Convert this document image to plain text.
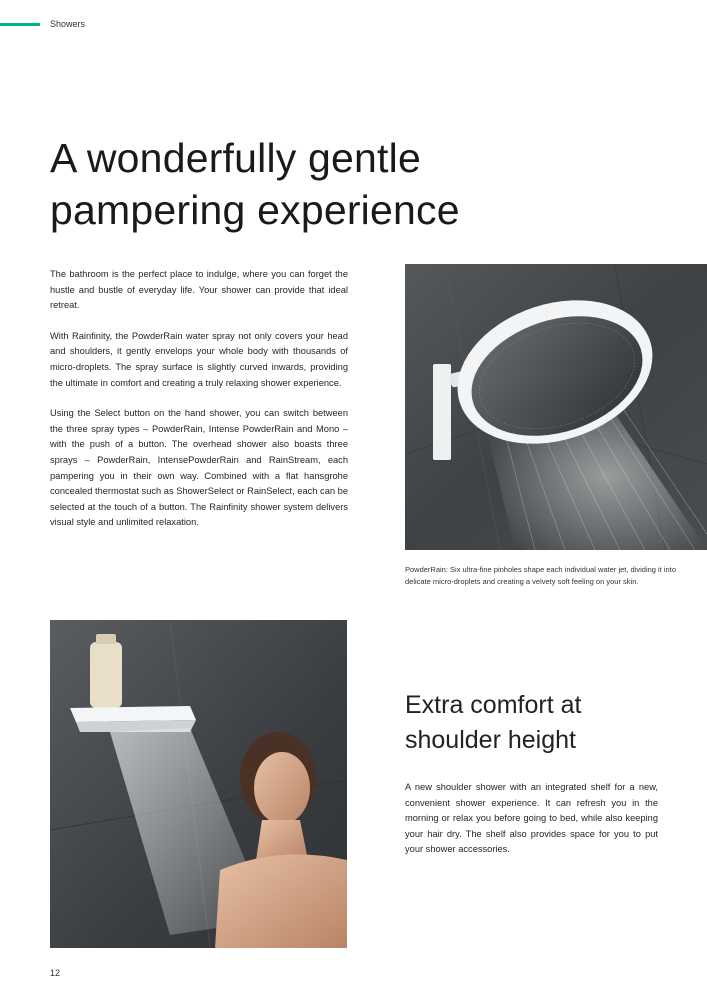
Showers
A wonderfully gentle
pampering experience

The bathroom is the perfect place to indulge, where you can forget the hustle and bustle of everyday life. Your shower can provide that ideal retreat.

With Rainfinity, the PowderRain water spray not only covers your head and shoulders, it gently envelops your whole body with thousands of micro-droplets. The spray surface is slightly curved inwards, providing the ultimate in comfort and creating a truly relaxing shower experience.

Using the Select button on the hand shower, you can switch between the three spray types – PowderRain, Intense PowderRain and Mono – with the push of a button. The overhead shower also boasts three sprays – PowderRain, IntensePowderRain and RainStream, each pampering you in their own way. Combined with a flat hansgrohe concealed thermostat such as ShowerSelect or RainSelect, each can be selected at the touch of a button. The Rainfinity shower system delivers visual style and unlimited relaxation.

PowderRain: Six ultra-fine pinholes shape each individual water jet, dividing it into delicate micro-droplets and creating a velvety soft feeling on your skin.

Extra comfort at
shoulder height

A new shoulder shower with an integrated shelf for a new, convenient shower experience. It can refresh you in the morning or relax you before going to bed, while also keeping your hair dry. The shelf also provides space for you to put your shower accessories.

12
